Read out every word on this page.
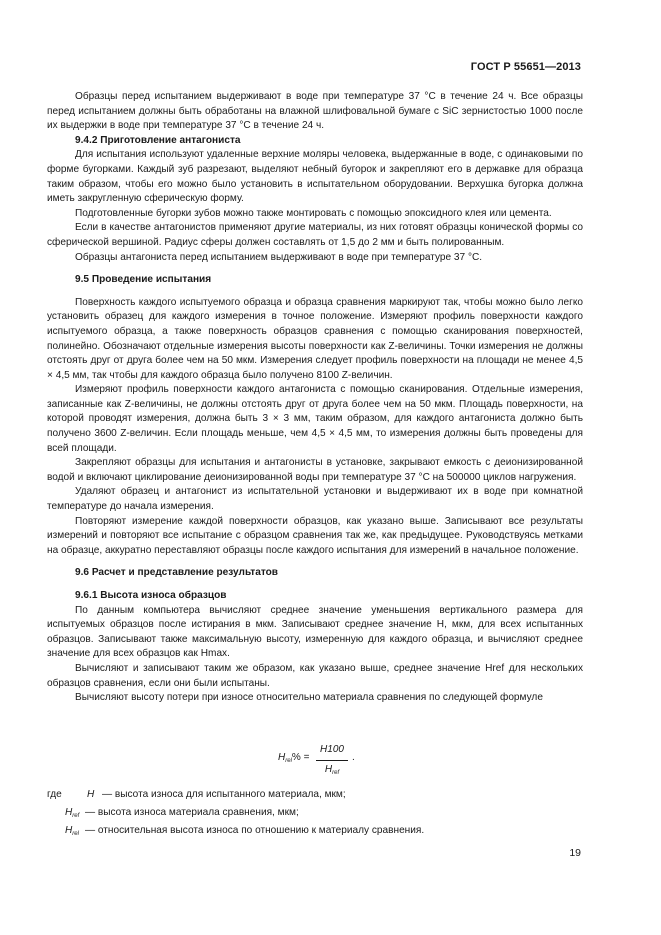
ГОСТ Р 55651—2013

Образцы перед испытанием выдерживают в воде при температуре 37 °С в течение 24 ч. Все образцы перед испытанием должны быть обработаны на влажной шлифовальной бумаге с SiC зернистостью 1000 после их выдержки в воде при температуре 37 °С в течение 24 ч.

9.4.2 Приготовление антагониста

Для испытания используют удаленные верхние моляры человека, выдержанные в воде, с одинаковыми по форме бугорками. Каждый зуб разрезают, выделяют небный бугорок и закрепляют его в державке для образца таким образом, чтобы его можно было установить в испытательном оборудовании. Верхушка бугорка должна иметь закругленную сферическую форму.

Подготовленные бугорки зубов можно также монтировать с помощью эпоксидного клея или цемента.

Если в качестве антагонистов применяют другие материалы, из них готовят образцы конической формы со сферической вершиной. Радиус сферы должен составлять от 1,5 до 2 мм и быть полированным.

Образцы антагониста перед испытанием выдерживают в воде при температуре 37 °С.

9.5 Проведение испытания

Поверхность каждого испытуемого образца и образца сравнения маркируют так, чтобы можно было легко установить образец для каждого измерения в точное положение. Измеряют профиль поверхности каждого испытуемого образца, а также поверхность образцов сравнения с помощью сканирования поверхностей, полинейно. Обозначают отдельные измерения высоты поверхности как Z-величины. Точки измерения не должны отстоять друг от друга более чем на 50 мкм. Измерения следует профиль поверхности на площади не менее 4,5 × 4,5 мм, так чтобы для каждого образца было получено 8100 Z-величин.

Измеряют профиль поверхности каждого антагониста с помощью сканирования. Отдельные измерения, записанные как Z-величины, не должны отстоять друг от друга более чем на 50 мкм. Площадь поверхности, на которой проводят измерения, должна быть 3 × 3 мм, таким образом, для каждого антагониста должно быть получено 3600 Z-величин. Если площадь меньше, чем 4,5 × 4,5 мм, то измерения должны быть проведены для всей площади.

Закрепляют образцы для испытания и антагонисты в установке, закрывают емкость с деионизированной водой и включают циклирование деионизированной воды при температуре 37 °С на 500000 циклов нагружения.

Удаляют образец и антагонист из испытательной установки и выдерживают их в воде при комнатной температуре до начала измерения.

Повторяют измерение каждой поверхности образцов, как указано выше. Записывают все результаты измерений и повторяют все испытание с образцом сравнения так же, как предыдущее. Руководствуясь метками на образце, аккуратно переставляют образцы после каждого испытания для измерений в начальное положение.

9.6 Расчет и представление результатов
9.6.1 Высота износа образцов

По данным компьютера вычисляют среднее значение уменьшения вертикального размера для испытуемых образцов после истирания в мкм. Записывают среднее значение H, мкм, для всех испытанных образцов. Записывают также максимальную высоту, измеренную для каждого образца, и вычисляют среднее значение для всех образцов как Hmax.

Вычисляют и записывают таким же образом, как указано выше, среднее значение Href для нескольких образцов сравнения, если они были испытаны.

Вычисляют высоту потери при износе относительно материала сравнения по следующей формуле

$H_{rel}\%$ =
H100
$H_{ref}$
.
где	H — высота износа для испытанного материала, мкм;
$H_{ref}$ — высота износа материала сравнения, мкм;
$H_{rel}$ — относительная высота износа по отношению к материалу сравнения.
19
